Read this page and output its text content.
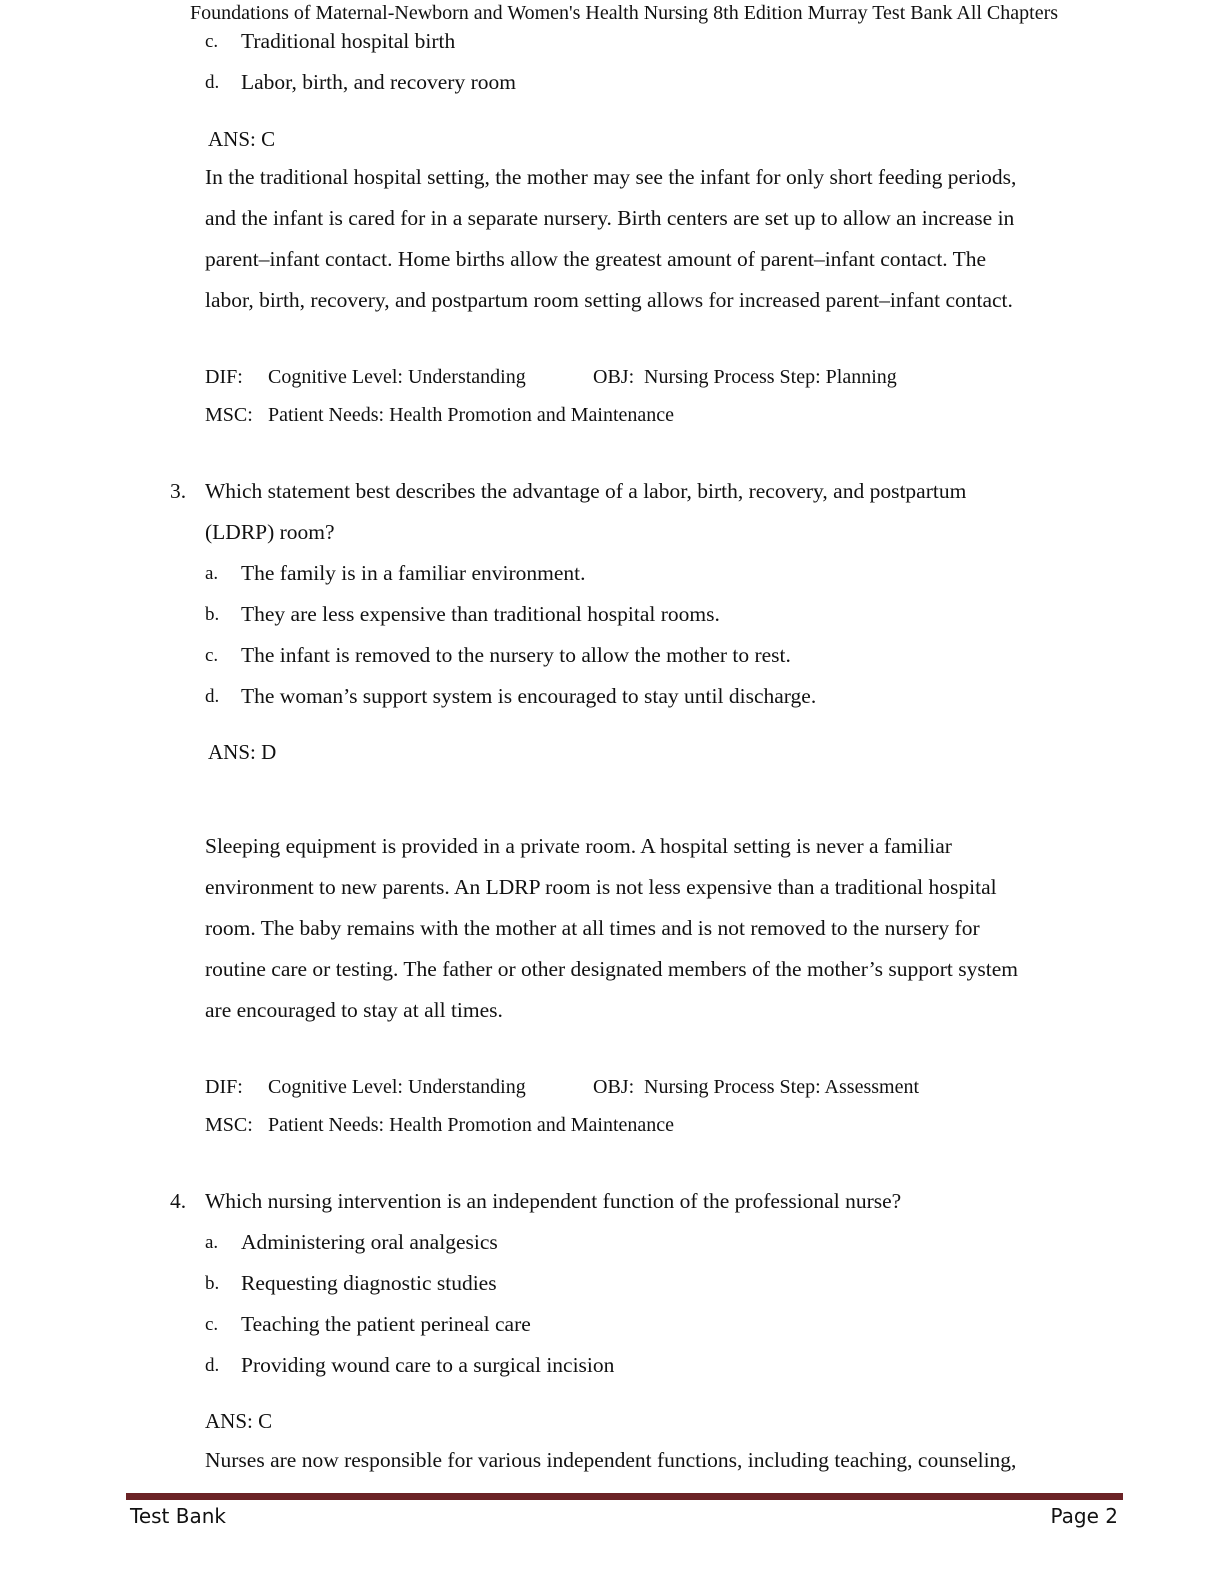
Foundations of Maternal-Newborn and Women's Health Nursing 8th Edition Murray Test Bank All Chapters
c. Traditional hospital birth
d. Labor, birth, and recovery room
ANS: C
In the traditional hospital setting, the mother may see the infant for only short feeding periods,
and the infant is cared for in a separate nursery. Birth centers are set up to allow an increase in
parent–infant contact. Home births allow the greatest amount of parent–infant contact. The
labor, birth, recovery, and postpartum room setting allows for increased parent–infant contact.
DIF: Cognitive Level: Understanding	OBJ: Nursing Process Step: Planning
MSC: Patient Needs: Health Promotion and Maintenance
3. Which statement best describes the advantage of a labor, birth, recovery, and postpartum
(LDRP) room?
a. The family is in a familiar environment.
b. They are less expensive than traditional hospital rooms.
c. The infant is removed to the nursery to allow the mother to rest.
d. The woman’s support system is encouraged to stay until discharge.
ANS: D
Sleeping equipment is provided in a private room. A hospital setting is never a familiar
environment to new parents. An LDRP room is not less expensive than a traditional hospital
room. The baby remains with the mother at all times and is not removed to the nursery for
routine care or testing. The father or other designated members of the mother’s support system
are encouraged to stay at all times.
DIF: Cognitive Level: Understanding	OBJ: Nursing Process Step: Assessment
MSC: Patient Needs: Health Promotion and Maintenance
4. Which nursing intervention is an independent function of the professional nurse?
a. Administering oral analgesics
b. Requesting diagnostic studies
c. Teaching the patient perineal care
d. Providing wound care to a surgical incision
ANS: C
Nurses are now responsible for various independent functions, including teaching, counseling,
Test Bank	Page 2
